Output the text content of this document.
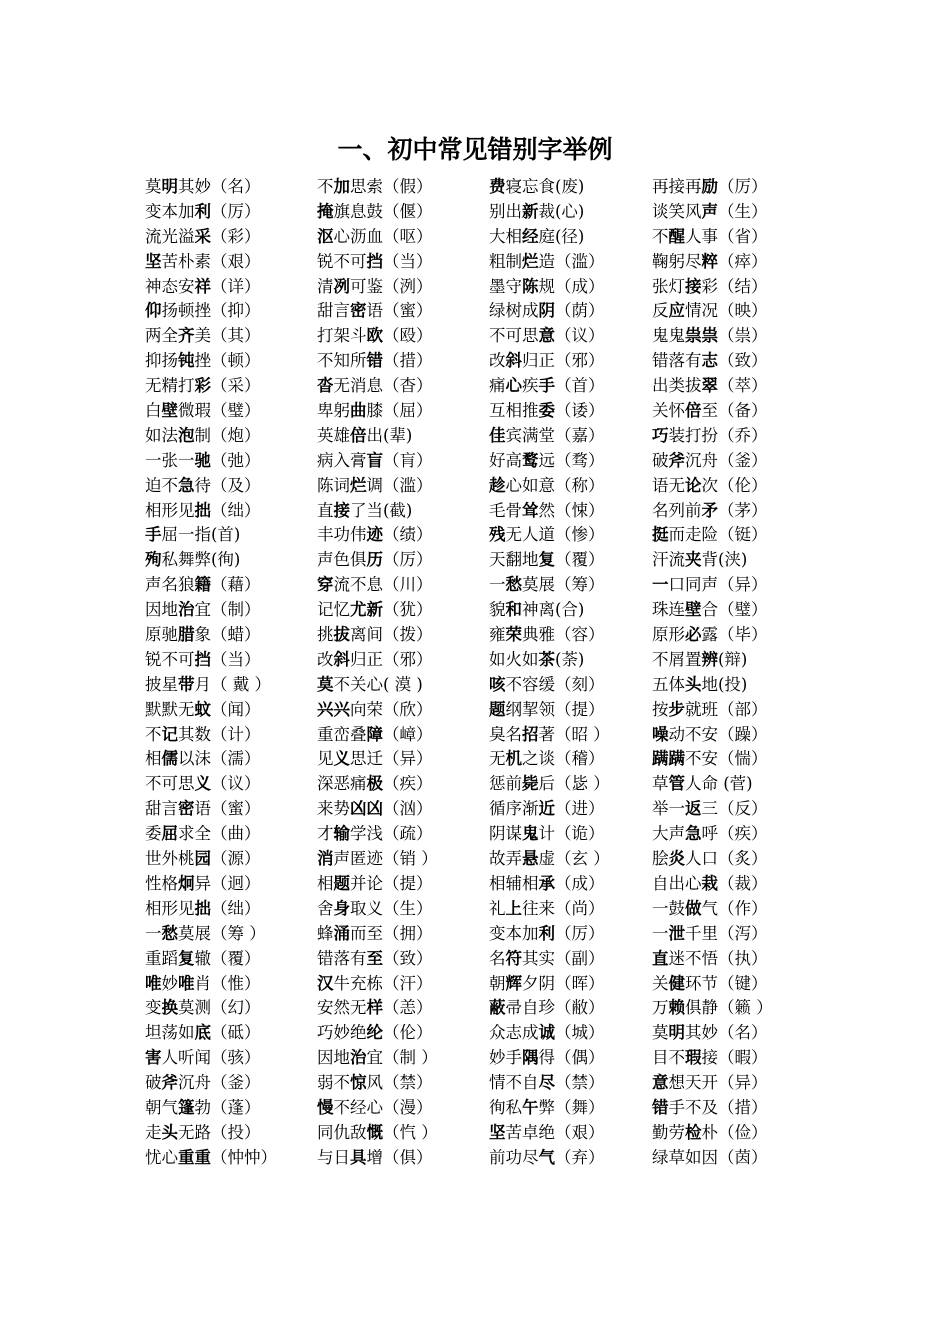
一、初中常见错别字举例
莫明其妙（名）	不加思索（假）	费寝忘食(废)	再接再励（厉）
变本加利（厉）	掩旗息鼓（偃）	别出新裁(心)	谈笑风声（生）
流光溢采（彩）	沤心沥血（呕）	大相经庭(径)	不醒人事（省）
坚苦朴素（艰）	锐不可挡（当）	粗制烂造（滥）	鞠躬尽粹（瘁）
神态安祥（详）	清冽可鉴（洌）	墨守陈规（成）	张灯接彩（结）
仰扬顿挫（抑）	甜言密语（蜜）	绿树成阴（荫）	反应情况（映）
两全齐美（其）	打架斗欧（殴）	不可思意（议）	鬼鬼祟祟（祟）
抑扬钝挫（顿）	不知所错（措）	改斜归正（邪）	错落有志（致）
无精打彩（采）	沓无消息（杳）	痛心疾手（首）	出类拔翠（萃）
白壁微瑕（璧）	卑躬曲膝（屈）	互相推委（诿）	关怀倍至（备）
如法泡制（炮）	英雄倍出(辈)	佳宾满堂（嘉）	巧装打扮（乔）
一张一驰（弛）	病入膏盲（肓）	好高鹜远（骛）	破斧沉舟（釜）
迫不急待（及）	陈词烂调（滥）	趁心如意（称）	语无论次（伦）
相形见拙（绌）	直接了当(截)	毛骨耸然（悚）	名列前矛（茅）
手屈一指(首)	丰功伟迹（绩）	残无人道（惨）	挺而走险（铤）
殉私舞弊(徇)	声色俱历（厉）	天翻地复（覆）	汗流夹背(浃)
声名狼籍（藉）	穿流不息（川）	一愁莫展（筹）	一口同声（异）
因地治宜（制）	记忆尤新（犹）	貌和神离(合)	珠连壁合（璧）
原驰腊象（蜡）	挑拔离间（拨）	雍荣典雅（容）	原形必露（毕）
锐不可挡（当）	改斜归正（邪）	如火如茶(荼)	不屑置辨(辩)
披星带月（ 戴 ）	莫不关心( 漠 )	咳不容缓（刻）	五体头地(投)
默默无蚊（闻）	兴兴向荣（欣）	题纲挈领（提）	按步就班（部）
不记其数（计）	重峦叠障（嶂）	臭名招著（昭 ）	噪动不安（躁）
相儒以沫（濡）	见义思迁（异）	无机之谈（稽）	蹒蹒不安（惴）
不可思义（议）	深恶痛极（疾）	惩前毙后（毖 ）	草管人命 (菅)
甜言密语（蜜）	来势凶凶（汹）	循序渐近（进）	举一返三（反）
委屈求全（曲）	才输学浅（疏）	阴谋鬼计（诡）	大声急呼（疾）
世外桃园（源）	消声匿迹（销 ）	故弄悬虚（玄 ）	脍炎人口（炙）
性格炯异（迥）	相题并论（提）	相辅相承（成）	自出心栽（裁）
相形见拙（绌）	舍身取义（生）	礼上往来（尚）	一鼓做气（作）
一愁莫展（筹 ）	蜂涌而至（拥）	变本加利（厉）	一泄千里（泻）
重蹈复辙（覆）	错落有至（致）	名符其实（副）	直迷不悟（执）
唯妙唯肖（惟）	汉牛充栋（汗）	朝辉夕阴（晖）	关健环节（键）
变换莫测（幻）	安然无样（恙）	蔽帚自珍（敝）	万赖俱静（籁 ）
坦荡如底（砥）	巧妙绝纶（伦）	众志成诚（城）	莫明其妙（名）
害人听闻（骇）	因地治宜（制 ）	妙手隅得（偶）	目不瑕接（暇）
破斧沉舟（釜）	弱不惊风（禁）	情不自尽（禁）	意想天开（异）
朝气篷勃（蓬）	慢不经心（漫）	徇私午弊（舞）	错手不及（措）
走头无路（投）	同仇敌慨（忾 ）	坚苦卓绝（艰）	勤劳检朴（俭）
忧心重重（忡忡）	与日具增（俱）	前功尽气（弃）	绿草如因（茵）
